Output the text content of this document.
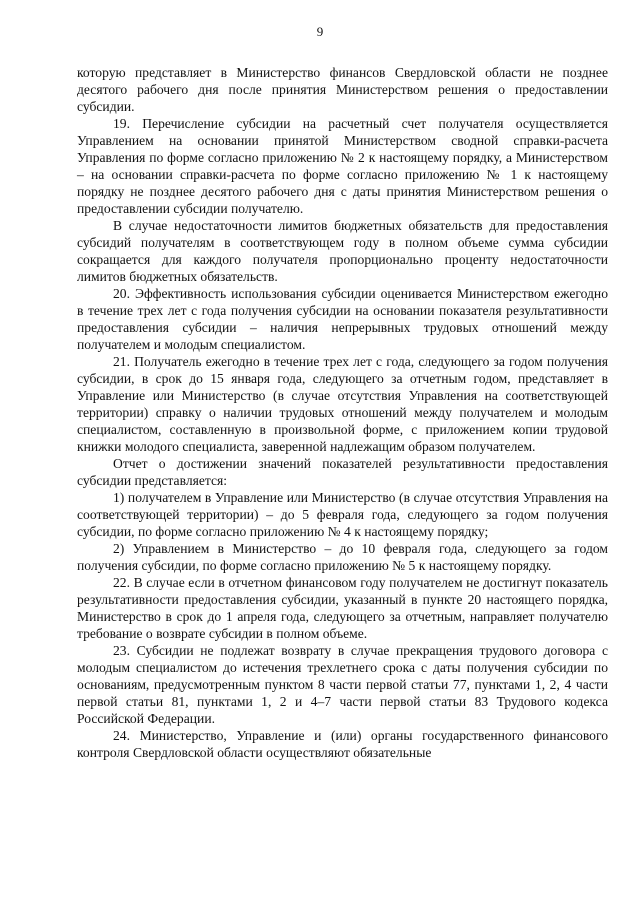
9

которую представляет в Министерство финансов Свердловской области не позднее десятого рабочего дня после принятия Министерством решения о предоставлении субсидии.

19. Перечисление субсидии на расчетный счет получателя осуществляется Управлением на основании принятой Министерством сводной справки-расчета Управления по форме согласно приложению № 2 к настоящему порядку, а Министерством – на основании справки-расчета по форме согласно приложению № 1 к настоящему порядку не позднее десятого рабочего дня с даты принятия Министерством решения о предоставлении субсидии получателю.

В случае недостаточности лимитов бюджетных обязательств для предоставления субсидий получателям в соответствующем году в полном объеме сумма субсидии сокращается для каждого получателя пропорционально проценту недостаточности лимитов бюджетных обязательств.

20. Эффективность использования субсидии оценивается Министерством ежегодно в течение трех лет с года получения субсидии на основании показателя результативности предоставления субсидии – наличия непрерывных трудовых отношений между получателем и молодым специалистом.

21. Получатель ежегодно в течение трех лет с года, следующего за годом получения субсидии, в срок до 15 января года, следующего за отчетным годом, представляет в Управление или Министерство (в случае отсутствия Управления на соответствующей территории) справку о наличии трудовых отношений между получателем и молодым специалистом, составленную в произвольной форме, с приложением копии трудовой книжки молодого специалиста, заверенной надлежащим образом получателем.

Отчет о достижении значений показателей результативности предоставления субсидии представляется:

1) получателем в Управление или Министерство (в случае отсутствия Управления на соответствующей территории) – до 5 февраля года, следующего за годом получения субсидии, по форме согласно приложению № 4 к настоящему порядку;

2) Управлением в Министерство – до 10 февраля года, следующего за годом получения субсидии, по форме согласно приложению № 5 к настоящему порядку.

22. В случае если в отчетном финансовом году получателем не достигнут показатель результативности предоставления субсидии, указанный в пункте 20 настоящего порядка, Министерство в срок до 1 апреля года, следующего за отчетным, направляет получателю требование о возврате субсидии в полном объеме.

23. Субсидии не подлежат возврату в случае прекращения трудового договора с молодым специалистом до истечения трехлетнего срока с даты получения субсидии по основаниям, предусмотренным пунктом 8 части первой статьи 77, пунктами 1, 2, 4 части первой статьи 81, пунктами 1, 2 и 4–7 части первой статьи 83 Трудового кодекса Российской Федерации.

24. Министерство, Управление и (или) органы государственного финансового контроля Свердловской области осуществляют обязательные
